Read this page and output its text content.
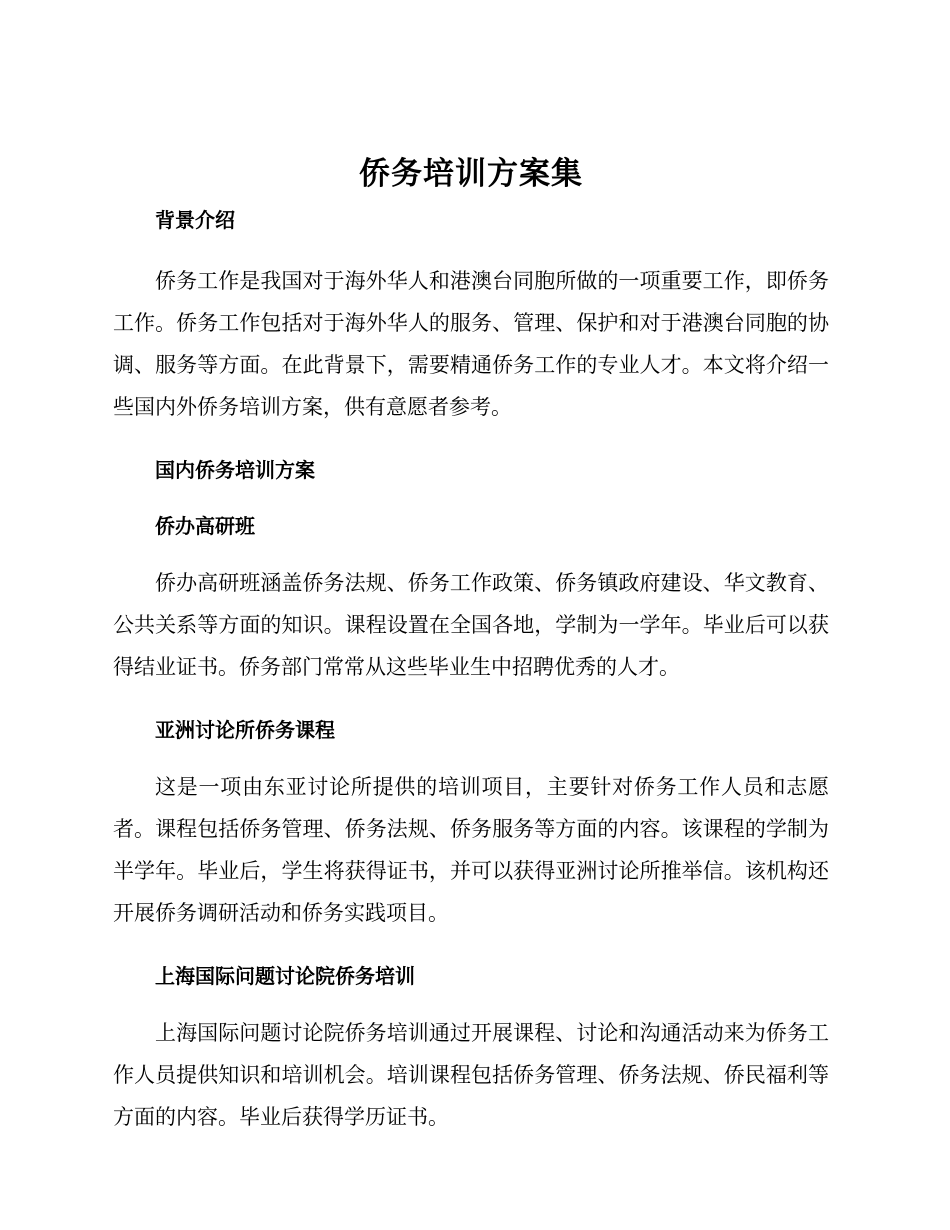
侨务培训方案集
背景介绍

侨务工作是我国对于海外华人和港澳台同胞所做的一项重要工作，即侨务工作。侨务工作包括对于海外华人的服务、管理、保护和对于港澳台同胞的协调、服务等方面。在此背景下，需要精通侨务工作的专业人才。本文将介绍一些国内外侨务培训方案，供有意愿者参考。

国内侨务培训方案
侨办高研班

侨办高研班涵盖侨务法规、侨务工作政策、侨务镇政府建设、华文教育、公共关系等方面的知识。课程设置在全国各地，学制为一学年。毕业后可以获得结业证书。侨务部门常常从这些毕业生中招聘优秀的人才。

亚洲讨论所侨务课程

这是一项由东亚讨论所提供的培训项目，主要针对侨务工作人员和志愿者。课程包括侨务管理、侨务法规、侨务服务等方面的内容。该课程的学制为半学年。毕业后，学生将获得证书，并可以获得亚洲讨论所推举信。该机构还开展侨务调研活动和侨务实践项目。

上海国际问题讨论院侨务培训

上海国际问题讨论院侨务培训通过开展课程、讨论和沟通活动来为侨务工作人员提供知识和培训机会。培训课程包括侨务管理、侨务法规、侨民福利等方面的内容。毕业后获得学历证书。
